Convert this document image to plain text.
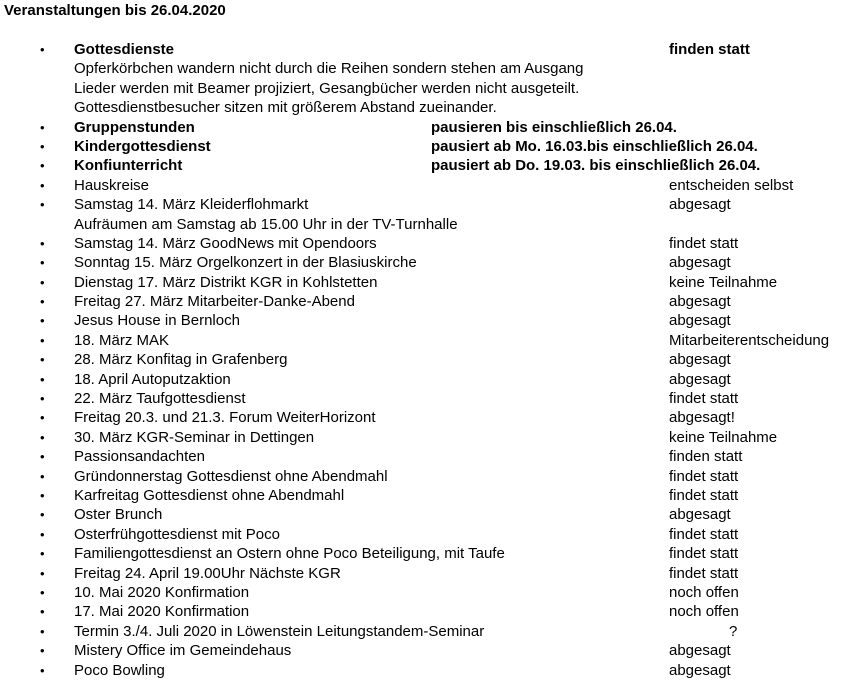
Veranstaltungen bis 26.04.2020
• Gottesdienste	finden statt
Opferkörbchen wandern nicht durch die Reihen sondern stehen am Ausgang
Lieder werden mit Beamer projiziert, Gesangbücher werden nicht ausgeteilt.
Gottesdienstbesucher sitzen mit größerem Abstand zueinander.
• Gruppenstunden	pausieren bis einschließlich 26.04.
• Kindergottesdienst	pausiert ab Mo. 16.03.bis einschließlich 26.04.
• Konfiunterricht	pausiert ab Do. 19.03. bis einschließlich 26.04.
• Hauskreise	entscheiden selbst
• Samstag 14. März Kleiderflohmarkt	abgesagt
Aufräumen am Samstag ab 15.00 Uhr in der TV-Turnhalle
• Samstag 14. März GoodNews mit Opendoors	findet statt
• Sonntag 15. März Orgelkonzert in der Blasiuskirche	abgesagt
• Dienstag 17. März Distrikt KGR in Kohlstetten	keine Teilnahme
• Freitag 27. März Mitarbeiter-Danke-Abend	abgesagt
• Jesus House in Bernloch	abgesagt
• 18. März MAK	Mitarbeiterentscheidung
• 28. März Konfitag in Grafenberg	abgesagt
• 18. April Autoputzaktion	abgesagt
• 22. März Taufgottesdienst	findet statt
• Freitag 20.3. und 21.3. Forum WeiterHorizont	abgesagt!
• 30. März KGR-Seminar in Dettingen	keine Teilnahme
• Passionsandachten	finden statt
• Gründonnerstag Gottesdienst ohne Abendmahl	findet statt
• Karfreitag Gottesdienst ohne Abendmahl	findet statt
• Oster Brunch	abgesagt
• Osterfrühgottesdienst mit Poco	findet statt
• Familiengottesdienst an Ostern ohne Poco Beteiligung, mit Taufe	findet statt
• Freitag 24. April 19.00Uhr Nächste KGR	findet statt
• 10. Mai 2020 Konfirmation	noch offen
• 17. Mai 2020 Konfirmation	noch offen
• Termin 3./4. Juli 2020 in Löwenstein Leitungstandem-Seminar	?
• Mistery Office im Gemeindehaus	abgesagt
• Poco Bowling	abgesagt
